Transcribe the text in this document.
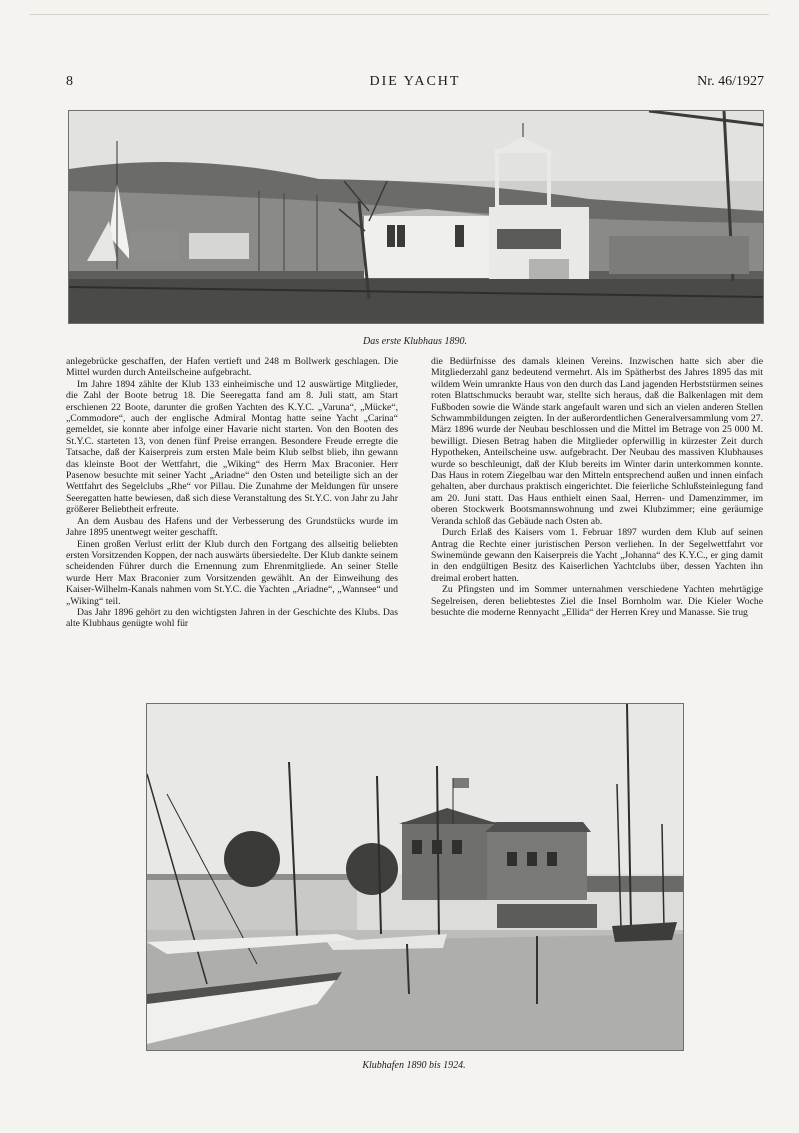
8	DIE YACHT	Nr. 46/1927
Das erste Klubhaus 1890.

anlegebrücke geschaffen, der Hafen vertieft und 248 m Bollwerk geschlagen. Die Mittel wurden durch Anteilscheine aufgebracht.

Im Jahre 1894 zählte der Klub 133 einheimische und 12 auswärtige Mitglieder, die Zahl der Boote betrug 18. Die Seeregatta fand am 8. Juli statt, am Start erschienen 22 Boote, darunter die großen Yachten des K.Y.C. „Varuna“, „Mücke“, „Commodore“, auch der englische Admiral Montag hatte seine Yacht „Carina“ gemeldet, sie konnte aber infolge einer Havarie nicht starten. Von den Booten des St.Y.C. starteten 13, von denen fünf Preise errangen. Besondere Freude erregte die Tatsache, daß der Kaiserpreis zum ersten Male beim Klub selbst blieb, ihn gewann das kleinste Boot der Wettfahrt, die „Wiking“ des Herrn Max Braconier. Herr Pasenow besuchte mit seiner Yacht „Ariadne“ den Osten und beteiligte sich an der Wettfahrt des Segelclubs „Rhe“ vor Pillau. Die Zunahme der Meldungen für unsere Seeregatten hatte bewiesen, daß sich diese Veranstaltung des St.Y.C. von Jahr zu Jahr größerer Beliebtheit erfreute.

An dem Ausbau des Hafens und der Verbesserung des Grundstücks wurde im Jahre 1895 unentwegt weiter geschafft.

Einen großen Verlust erlitt der Klub durch den Fortgang des allseitig beliebten ersten Vorsitzenden Koppen, der nach auswärts übersiedelte. Der Klub dankte seinem scheidenden Führer durch die Ernennung zum Ehrenmitgliede. An seiner Stelle wurde Herr Max Braconier zum Vorsitzenden gewählt. An der Einweihung des Kaiser-Wilhelm-Kanals nahmen vom St.Y.C. die Yachten „Ariadne“, „Wannsee“ und „Wiking“ teil.

Das Jahr 1896 gehört zu den wichtigsten Jahren in der Geschichte des Klubs. Das alte Klubhaus genügte wohl für

die Bedürfnisse des damals kleinen Vereins. Inzwischen hatte sich aber die Mitgliederzahl ganz bedeutend vermehrt. Als im Spätherbst des Jahres 1895 das mit wildem Wein umrankte Haus von den durch das Land jagenden Herbststürmen seines roten Blattschmucks beraubt war, stellte sich heraus, daß die Balkenlagen mit dem Fußboden sowie die Wände stark angefault waren und sich an vielen anderen Stellen Schwammbildungen zeigten. In der außerordentlichen Generalversammlung vom 27. März 1896 wurde der Neubau beschlossen und die Mittel im Betrage von 25 000 M. bewilligt. Diesen Betrag haben die Mitglieder opferwillig in kürzester Zeit durch Hypotheken, Anteilscheine usw. aufgebracht. Der Neubau des massiven Klubhauses wurde so beschleunigt, daß der Klub bereits im Winter darin unterkommen konnte. Das Haus in rotem Ziegelbau war den Mitteln entsprechend außen und innen einfach gehalten, aber durchaus praktisch eingerichtet. Die feierliche Schlußsteinlegung fand am 20. Juni statt. Das Haus enthielt einen Saal, Herren- und Damenzimmer, im oberen Stockwerk Bootsmannswohnung und zwei Klubzimmer; eine geräumige Veranda schloß das Gebäude nach Osten ab.

Durch Erlaß des Kaisers vom 1. Februar 1897 wurden dem Klub auf seinen Antrag die Rechte einer juristischen Person verliehen. In der Segelwettfahrt vor Swinemünde gewann den Kaiserpreis die Yacht „Johanna“ des K.Y.C., er ging damit in den endgültigen Besitz des Kaiserlichen Yachtclubs über, dessen Yachten ihn dreimal erobert hatten.

Zu Pfingsten und im Sommer unternahmen verschiedene Yachten mehrtägige Segelreisen, deren beliebtestes Ziel die Insel Bornholm war. Die Kieler Woche besuchte die moderne Rennyacht „Ellida“ der Herren Krey und Manasse. Sie trug

Klubhafen 1890 bis 1924.
